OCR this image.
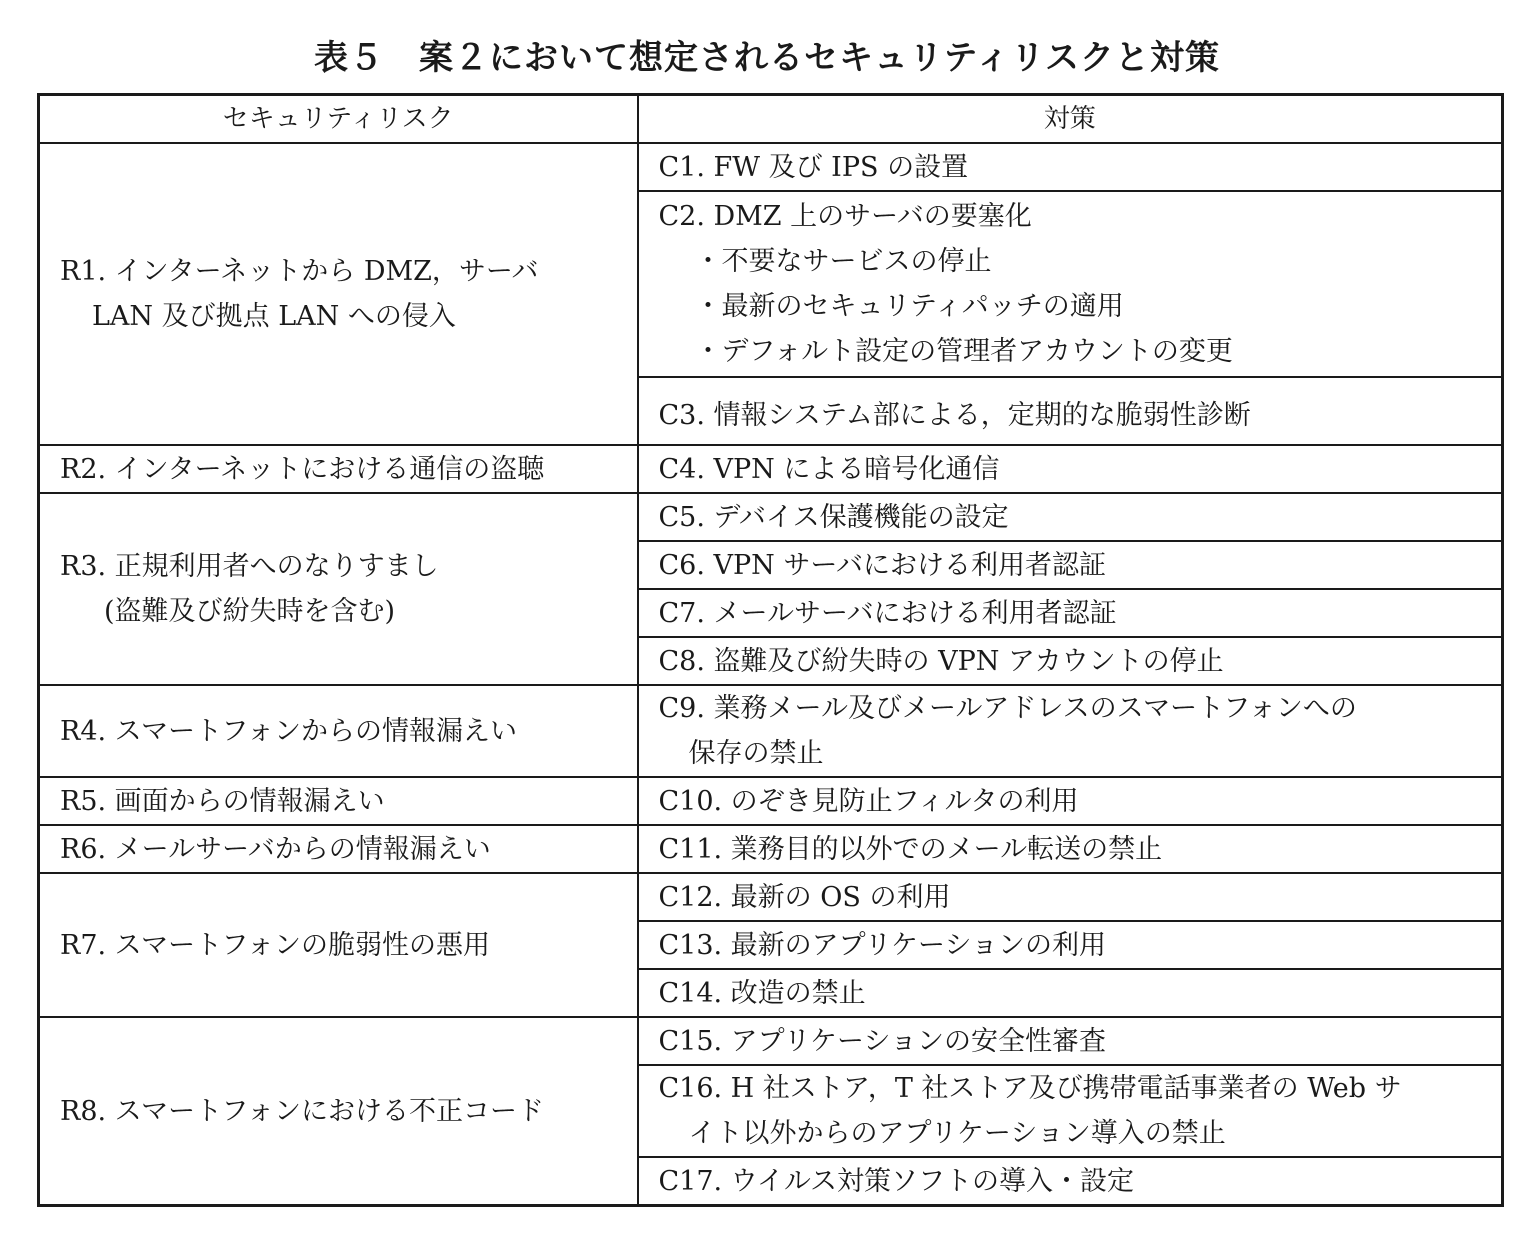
表５　案２において想定されるセキュリティリスクと対策
セキュリティリスク	対策
R1. インターネットから DMZ，サーバ
LAN 及び拠点 LAN への侵入	C1. FW 及び IPS の設置

	C2. DMZ 上のサーバの要塞化
・不要なサービスの停止
・最新のセキュリティパッチの適用
・デフォルト設定の管理者アカウントの変更

	C3. 情報システム部による，定期的な脆弱性診断
R2. インターネットにおける通信の盗聴	C4. VPN による暗号化通信
R3. 正規利用者へのなりすまし
(盗難及び紛失時を含む)	C5. デバイス保護機能の設定
	C6. VPN サーバにおける利用者認証
	C7. メールサーバにおける利用者認証
	C8. 盗難及び紛失時の VPN アカウントの停止
R4. スマートフォンからの情報漏えい	C9. 業務メール及びメールアドレスのスマートフォンへの
保存の禁止

R5. 画面からの情報漏えい	C10. のぞき見防止フィルタの利用
R6. メールサーバからの情報漏えい	C11. 業務目的以外でのメール転送の禁止
R7. スマートフォンの脆弱性の悪用	C12. 最新の OS の利用
	C13. 最新のアプリケーションの利用
	C14. 改造の禁止
R8. スマートフォンにおける不正コード	C15. アプリケーションの安全性審査

	C16. H 社ストア，T 社ストア及び携帯電話事業者の Web サ
イト以外からのアプリケーション導入の禁止

	C17. ウイルス対策ソフトの導入・設定
